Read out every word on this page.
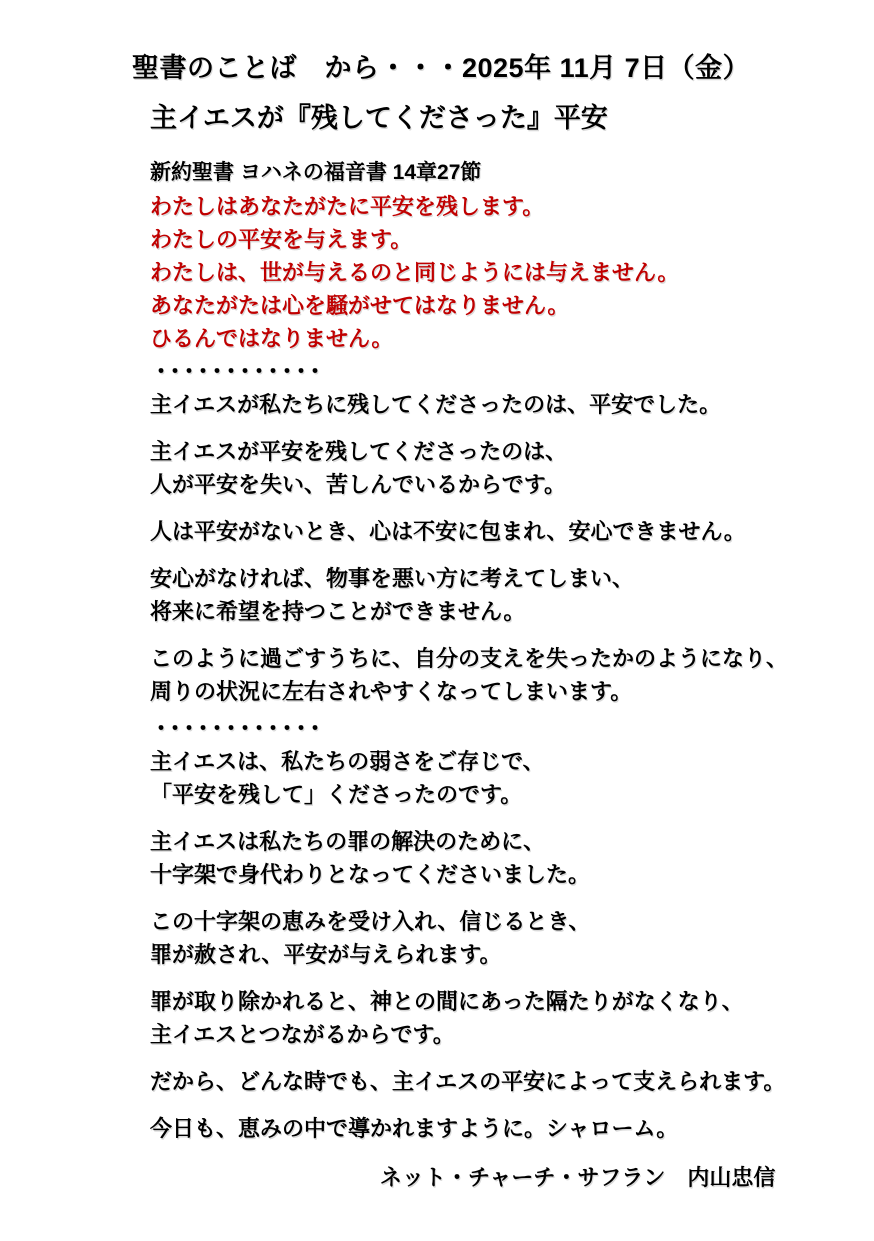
聖書のことば　から・・・2025年 11月 7日（金）
主イエスが『残してくださった』平安
新約聖書 ヨハネの福音書 14章27節
わたしはあなたがたに平安を残します。
わたしの平安を与えます。
わたしは、世が与えるのと同じようには与えません。
あなたがたは心を騒がせてはなりません。
ひるんではなりません。
・・・・・・・・・・・・
主イエスが私たちに残してくださったのは、平安でした。
主イエスが平安を残してくださったのは、
人が平安を失い、苦しんでいるからです。
人は平安がないとき、心は不安に包まれ、安心できません。
安心がなければ、物事を悪い方に考えてしまい、
将来に希望を持つことができません。
このように過ごすうちに、自分の支えを失ったかのようになり、
周りの状況に左右されやすくなってしまいます。
・・・・・・・・・・・・
主イエスは、私たちの弱さをご存じで、
「平安を残して」くださったのです。
主イエスは私たちの罪の解決のために、
十字架で身代わりとなってくださいました。
この十字架の恵みを受け入れ、信じるとき、
罪が赦され、平安が与えられます。
罪が取り除かれると、神との間にあった隔たりがなくなり、
主イエスとつながるからです。
だから、どんな時でも、主イエスの平安によって支えられます。
今日も、恵みの中で導かれますように。シャローム。
ネット・チャーチ・サフラン　内山忠信
